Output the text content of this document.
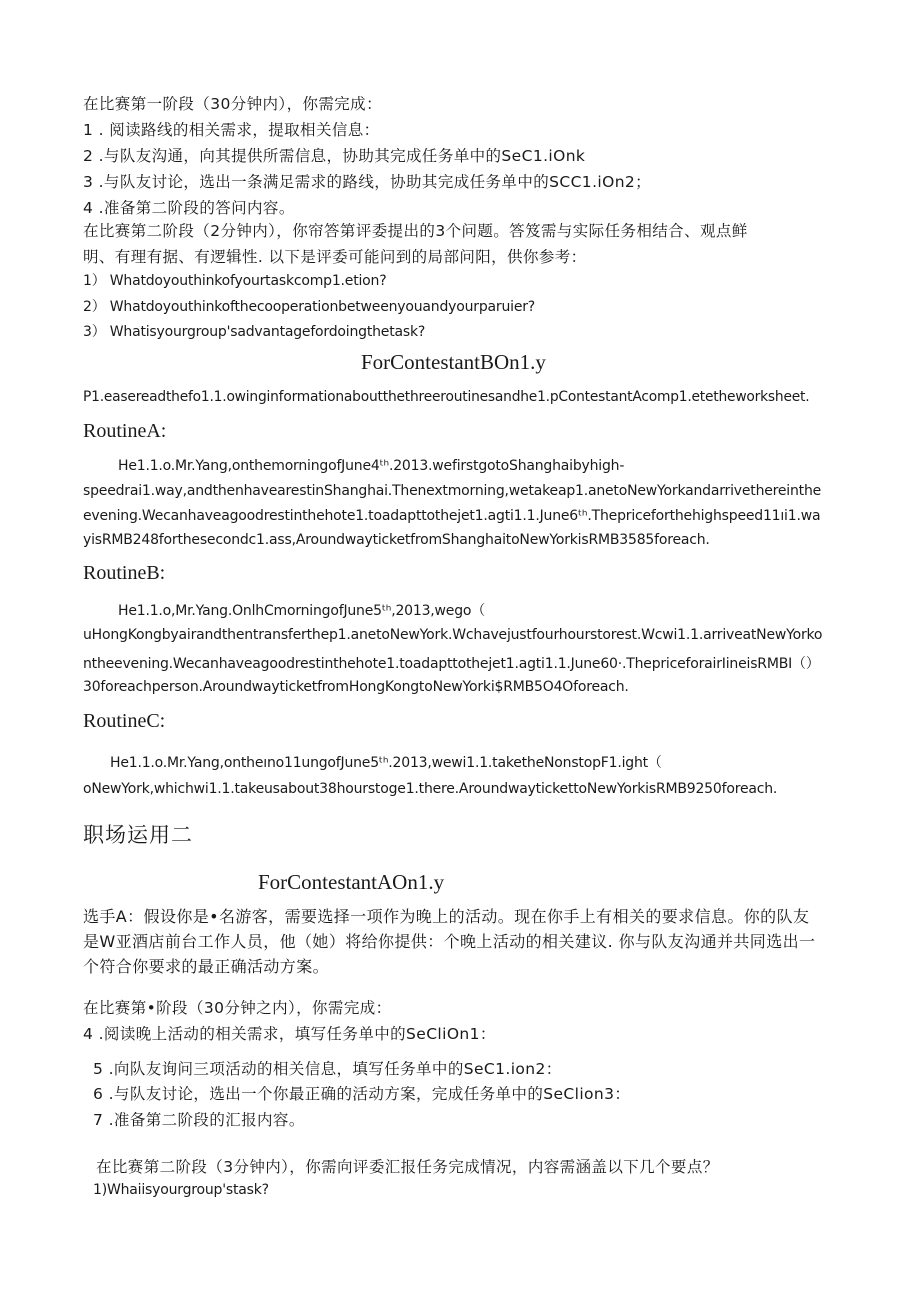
在比赛第一阶段（30分钟内），你需完成：
1 . 阅读路线的相关需求，提取相关信息：
2 .与队友沟通，向其提供所需信息，协助其完成任务单中的SeC1.iOnk
3 .与队友讨论，选出一条满足需求的路线，协助其完成任务单中的SCC1.iOn2；
4 .准备第二阶段的答问内容。
在比赛第二阶段（2分钟内），你帘答第评委提出的3个问题。答笈需与实际任务相结合、观点鲜
明、有理有据、有逻辑性. 以下是评委可能问到的局部问阳，供你参考：
1） Whatdoyouthinkofyourtaskcomp1.etion?
2） Whatdoyouthinkofthecooperationbetweenyouandyourparuier?
3） Whatisyourgroup'sadvantagefordoingthetask?
ForContestantBOn1.y
P1.easereadthefo1.1.owinginformationaboutthethreeroutinesandhe1.pContestantAcomp1.etetheworksheet.
RoutineA:
He1.1.o.Mr.Yang,onthemorningofJune4ᵗʰ.2013.wefirstgotoShanghaibyhigh-
speedrai1.way,andthenhavearestinShanghai.Thenextmorning,wetakeap1.anetoNewYorkandarrivethereinthe
evening.Wecanhaveagoodrestinthehote1.toadapttothejet1.agti1.1.June6ᵗʰ.Thepriceforthehighspeed11ıi1.wa
yisRMB248forthesecondc1.ass,AroundwayticketfromShanghaitoNewYorkisRMB3585foreach.
RoutineB:
He1.1.o,Mr.Yang.OnlhCmorningofJune5ᵗʰ,2013,wego（
uHongKongbyairandthentransferthep1.anetoNewYork.Wchavejustfourhourstorest.Wcwi1.1.arriveatNewYorko
ntheevening.Wecanhaveagoodrestinthehote1.toadapttothejet1.agti1.1.June60·.ThepriceforairIineisRMBI（）
30foreachperson.AroundwayticketfromHongKongtoNewYorki$RMB5O4Oforeach.
RoutineC:
He1.1.o.Mr.Yang,ontheıno11ungofJune5ᵗʰ.2013,wewi1.1.taketheNonstopF1.ight（
oNewYork,whichwi1.1.takeusabout38hourstoge1.there.AroundwaytickettoNewYorkisRMB9250foreach.
职场运用二
ForContestantAOn1.y
选手A：假设你是•名游客，需要选择一项作为晚上的活动。现在你手上有相关的要求信息。你的队友
是W亚酒店前台工作人员，他（她）将给你提供：个晚上活动的相关建议. 你与队友沟通并共同选出一
个符合你要求的最正确活动方案。
在比赛第•阶段（30分钟之内），你需完成：
4 .阅读晚上活动的相关需求，填写任务单中的SeCliOn1：
5 .向队友询问三项活动的相关信息，填写任务单中的SeC1.ion2：
6 .与队友讨论，选出一个你最正确的活动方案，完成任务单中的SeClion3：
7 .准备第二阶段的汇报内容。
在比赛第二阶段（3分钟内），你需向评委汇报任务完成情况，内容需涵盖以下几个要点？
1)Whaiisyourgroup'stask?
